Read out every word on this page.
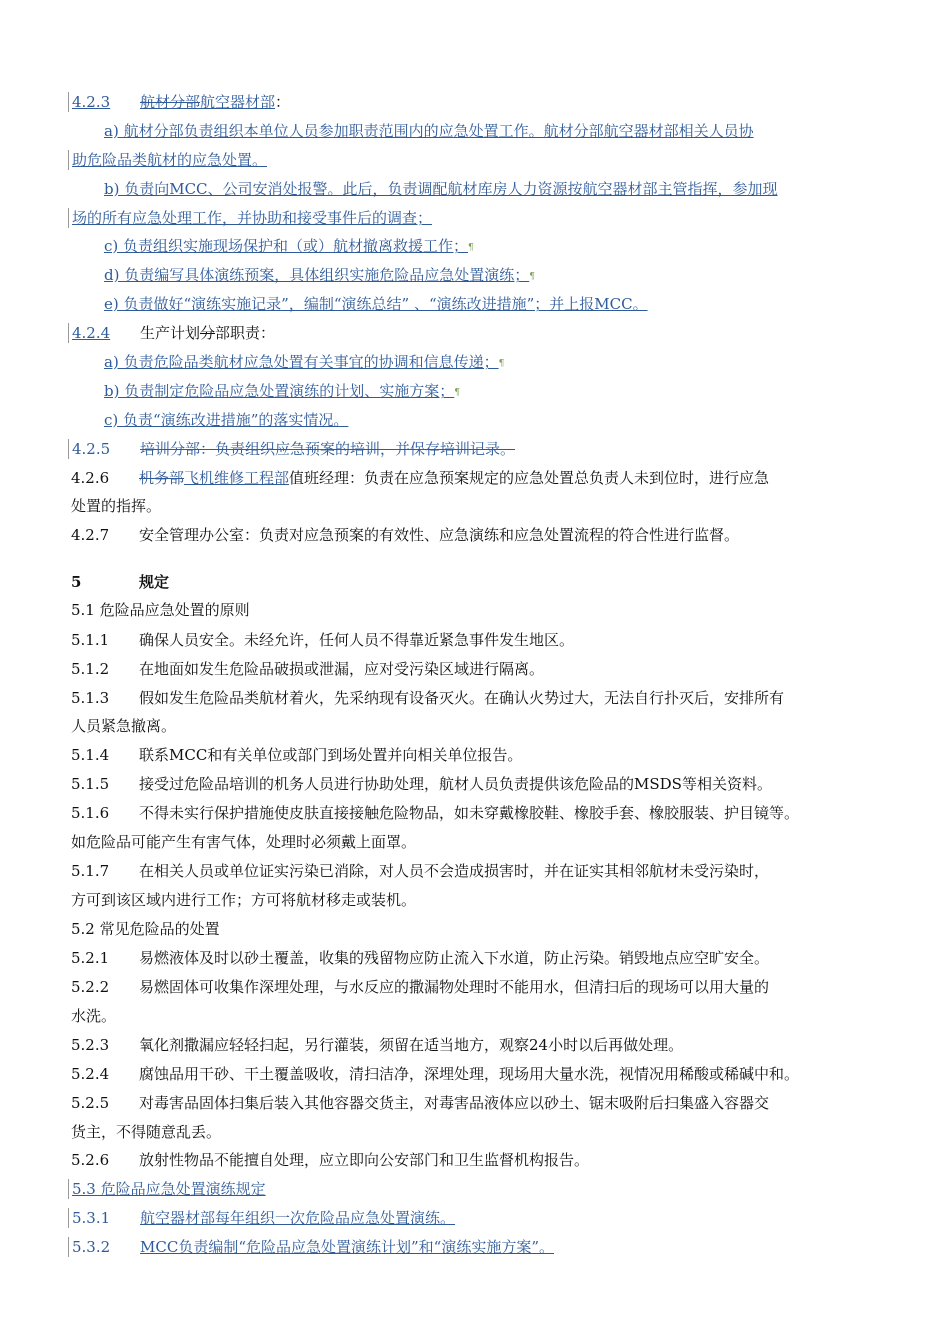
4.2.3 航材分部航空器材部：
a) 航材分部负责组织本单位人员参加职责范围内的应急处置工作。航材分部航空器材部相关人员协
助危险品类航材的应急处置。
b) 负责向MCC、公司安消处报警。此后，负责调配航材库房人力资源按航空器材部主管指挥，参加现
场的所有应急处理工作，并协助和接受事件后的调查；
c) 负责组织实施现场保护和（或）航材撤离救援工作；¶
d) 负责编写具体演练预案，具体组织实施危险品应急处置演练；¶
e) 负责做好“演练实施记录”，编制“演练总结” 、“演练改进措施”；并上报MCC。
4.2.4 生产计划分部职责：
a) 负责危险品类航材应急处置有关事宜的协调和信息传递；¶
b) 负责制定危险品应急处置演练的计划、实施方案；¶
c) 负责“演练改进措施”的落实情况。
4.2.5 培训分部：负责组织应急预案的培训，并保存培训记录。
4.2.6 机务部飞机维修工程部值班经理：负责在应急预案规定的应急处置总负责人未到位时，进行应急
处置的指挥。
4.2.7 安全管理办公室：负责对应急预案的有效性、应急演练和应急处置流程的符合性进行监督。
5	规定
5.1 危险品应急处置的原则
5.1.1 确保人员安全。未经允许，任何人员不得靠近紧急事件发生地区。
5.1.2 在地面如发生危险品破损或泄漏，应对受污染区域进行隔离。
5.1.3 假如发生危险品类航材着火，先采纳现有设备灭火。在确认火势过大，无法自行扑灭后，安排所有
人员紧急撤离。
5.1.4 联系MCC和有关单位或部门到场处置并向相关单位报告。
5.1.5 接受过危险品培训的机务人员进行协助处理，航材人员负责提供该危险品的MSDS等相关资料。
5.1.6 不得未实行保护措施使皮肤直接接触危险物品，如未穿戴橡胶鞋、橡胶手套、橡胶服装、护目镜等。
如危险品可能产生有害气体，处理时必须戴上面罩。
5.1.7 在相关人员或单位证实污染已消除，对人员不会造成损害时，并在证实其相邻航材未受污染时，
方可到该区域内进行工作；方可将航材移走或装机。
5.2 常见危险品的处置
5.2.1 易燃液体及时以砂土覆盖，收集的残留物应防止流入下水道，防止污染。销毁地点应空旷安全。
5.2.2 易燃固体可收集作深埋处理，与水反应的撒漏物处理时不能用水，但清扫后的现场可以用大量的
水洗。
5.2.3 氧化剂撒漏应轻轻扫起，另行灌装，须留在适当地方，观察24小时以后再做处理。
5.2.4 腐蚀品用干砂、干土覆盖吸收，清扫洁净，深埋处理，现场用大量水洗，视情况用稀酸或稀碱中和。
5.2.5 对毒害品固体扫集后装入其他容器交货主，对毒害品液体应以砂土、锯末吸附后扫集盛入容器交
货主，不得随意乱丢。
5.2.6 放射性物品不能擅自处理，应立即向公安部门和卫生监督机构报告。
5.3 危险品应急处置演练规定
5.3.1 航空器材部每年组织一次危险品应急处置演练。
5.3.2 MCC负责编制“危险品应急处置演练计划”和“演练实施方案”。
